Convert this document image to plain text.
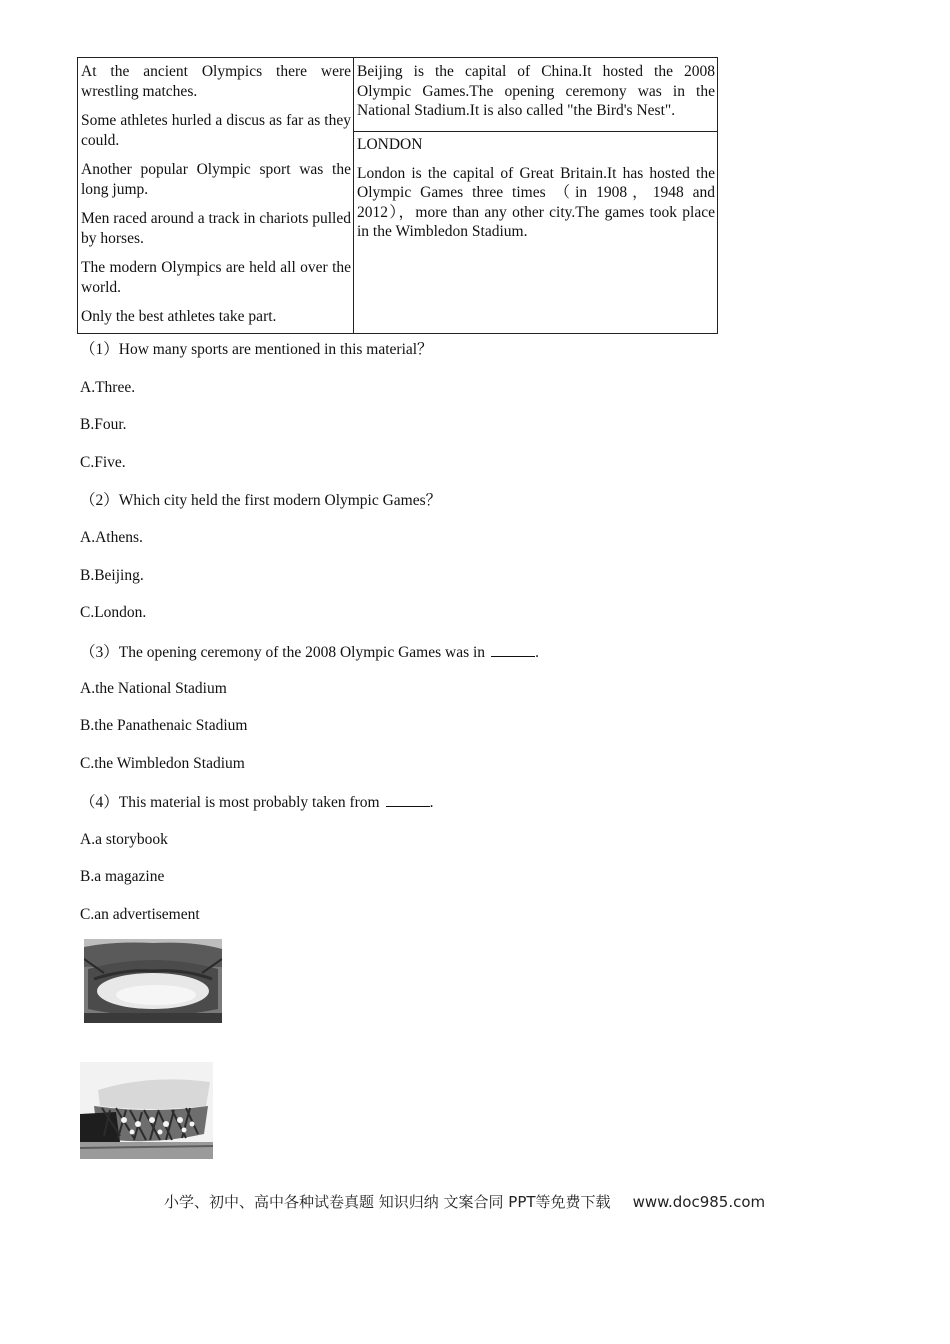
At the ancient Olympics there were wrestling matches.

Some athletes hurled a discus as far as they could.

Another popular Olympic sport was the long jump.

Men raced around a track in chariots pulled by horses.

The modern Olympics are held all over the world.

Only the best athletes take part.

Beijing is the capital of China.It hosted the 2008 Olympic Games.The opening ceremony was in the National Stadium.It is also called "the Bird's Nest".

LONDON

London is the capital of Great Britain.It has hosted the Olympic Games three times （in 1908，1948 and 2012），more than any other city.The games took place in the Wimbledon Stadium.

（1）How many sports are mentioned in this material？
A.Three.
B.Four.
C.Five.
（2）Which city held the first modern Olympic Games？
A.Athens.
B.Beijing.
C.London.
（3）The opening ceremony of the 2008 Olympic Games was in	.
A.the National Stadium
B.the Panathenaic Stadium
C.the Wimbledon Stadium
（4）This material is most probably taken from	.
A.a storybook
B.a magazine
C.an advertisement
小学、初中、高中各种试卷真题 知识归纳 文案合同 PPT等免费下载 www.doc985.com
